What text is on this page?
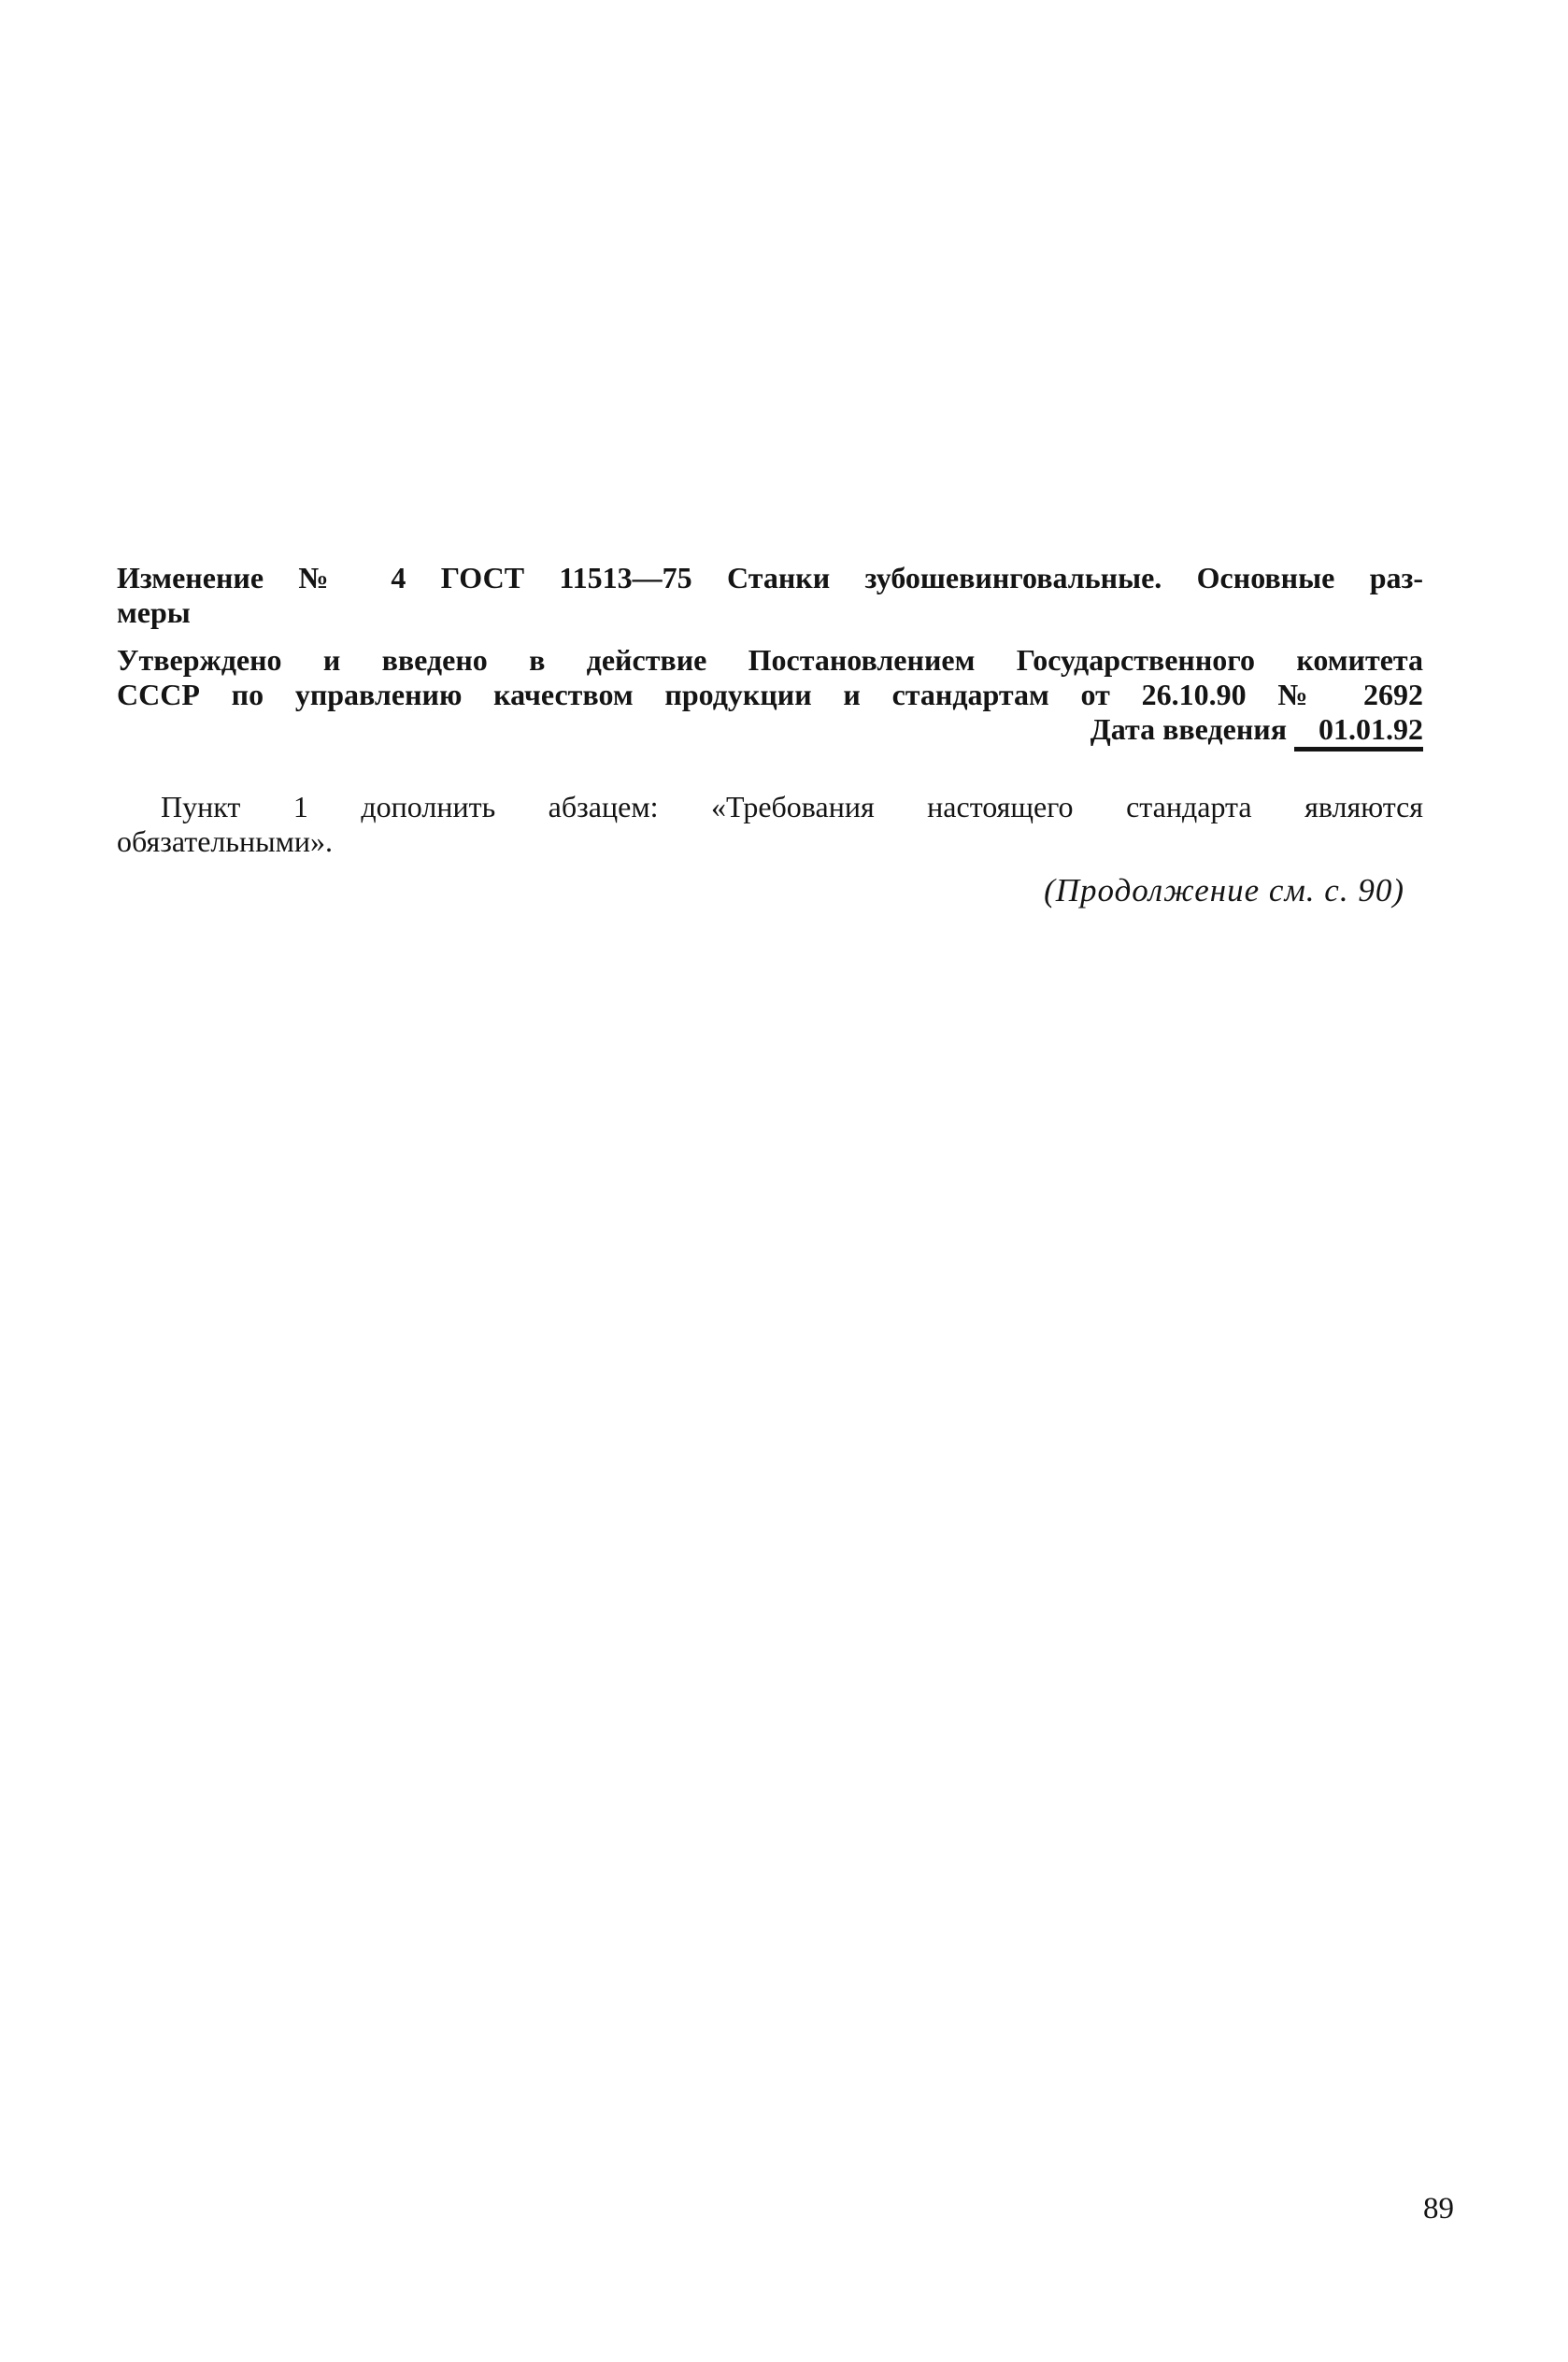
Изменение № 4 ГОСТ 11513—75 Станки зубошевинговальные. Основные раз-
меры
Утверждено и введено в действие Постановлением Государственного комитета
СССР по управлению качеством продукции и стандартам от 26.10.90 № 2692
Дата введения 01.01.92
Пункт 1 дополнить абзацем: «Требования настоящего стандарта являются
обязательными».
(Продолжение см. с. 90)
89
